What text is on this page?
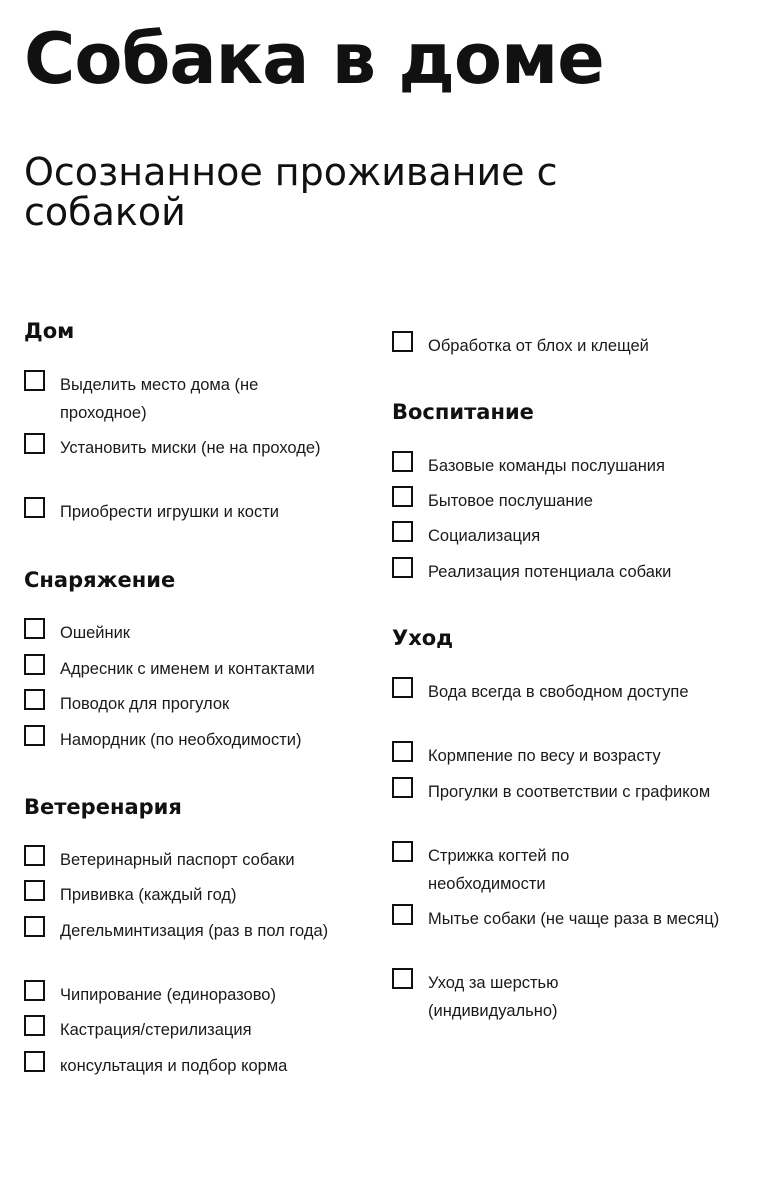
Собака в доме
Осознанное проживание с собакой
Дом
Выделить место дома (не проходное)
Установить миски (не на проходе)
Приобрести игрушки и кости
Снаряжение
Ошейник
Адресник с именем и контактами
Поводок для прогулок
Намордник (по необходимости)
Ветеренария
Ветеринарный паспорт собаки
Прививка (каждый год)
Дегельминтизация (раз в пол года)
Чипирование (единоразово)
Кастрация/стерилизация
консультация и подбор корма
Обработка от блох и клещей
Воспитание
Базовые команды послушания
Бытовое послушание
Социализация
Реализация потенциала собаки
Уход
Вода всегда в свободном доступе
Кормпение по весу и возрасту
Прогулки в соответствии с графиком
Стрижка когтей по необходимости
Мытье собаки (не чаще раза в месяц)
Уход за шерстью (индивидуально)
